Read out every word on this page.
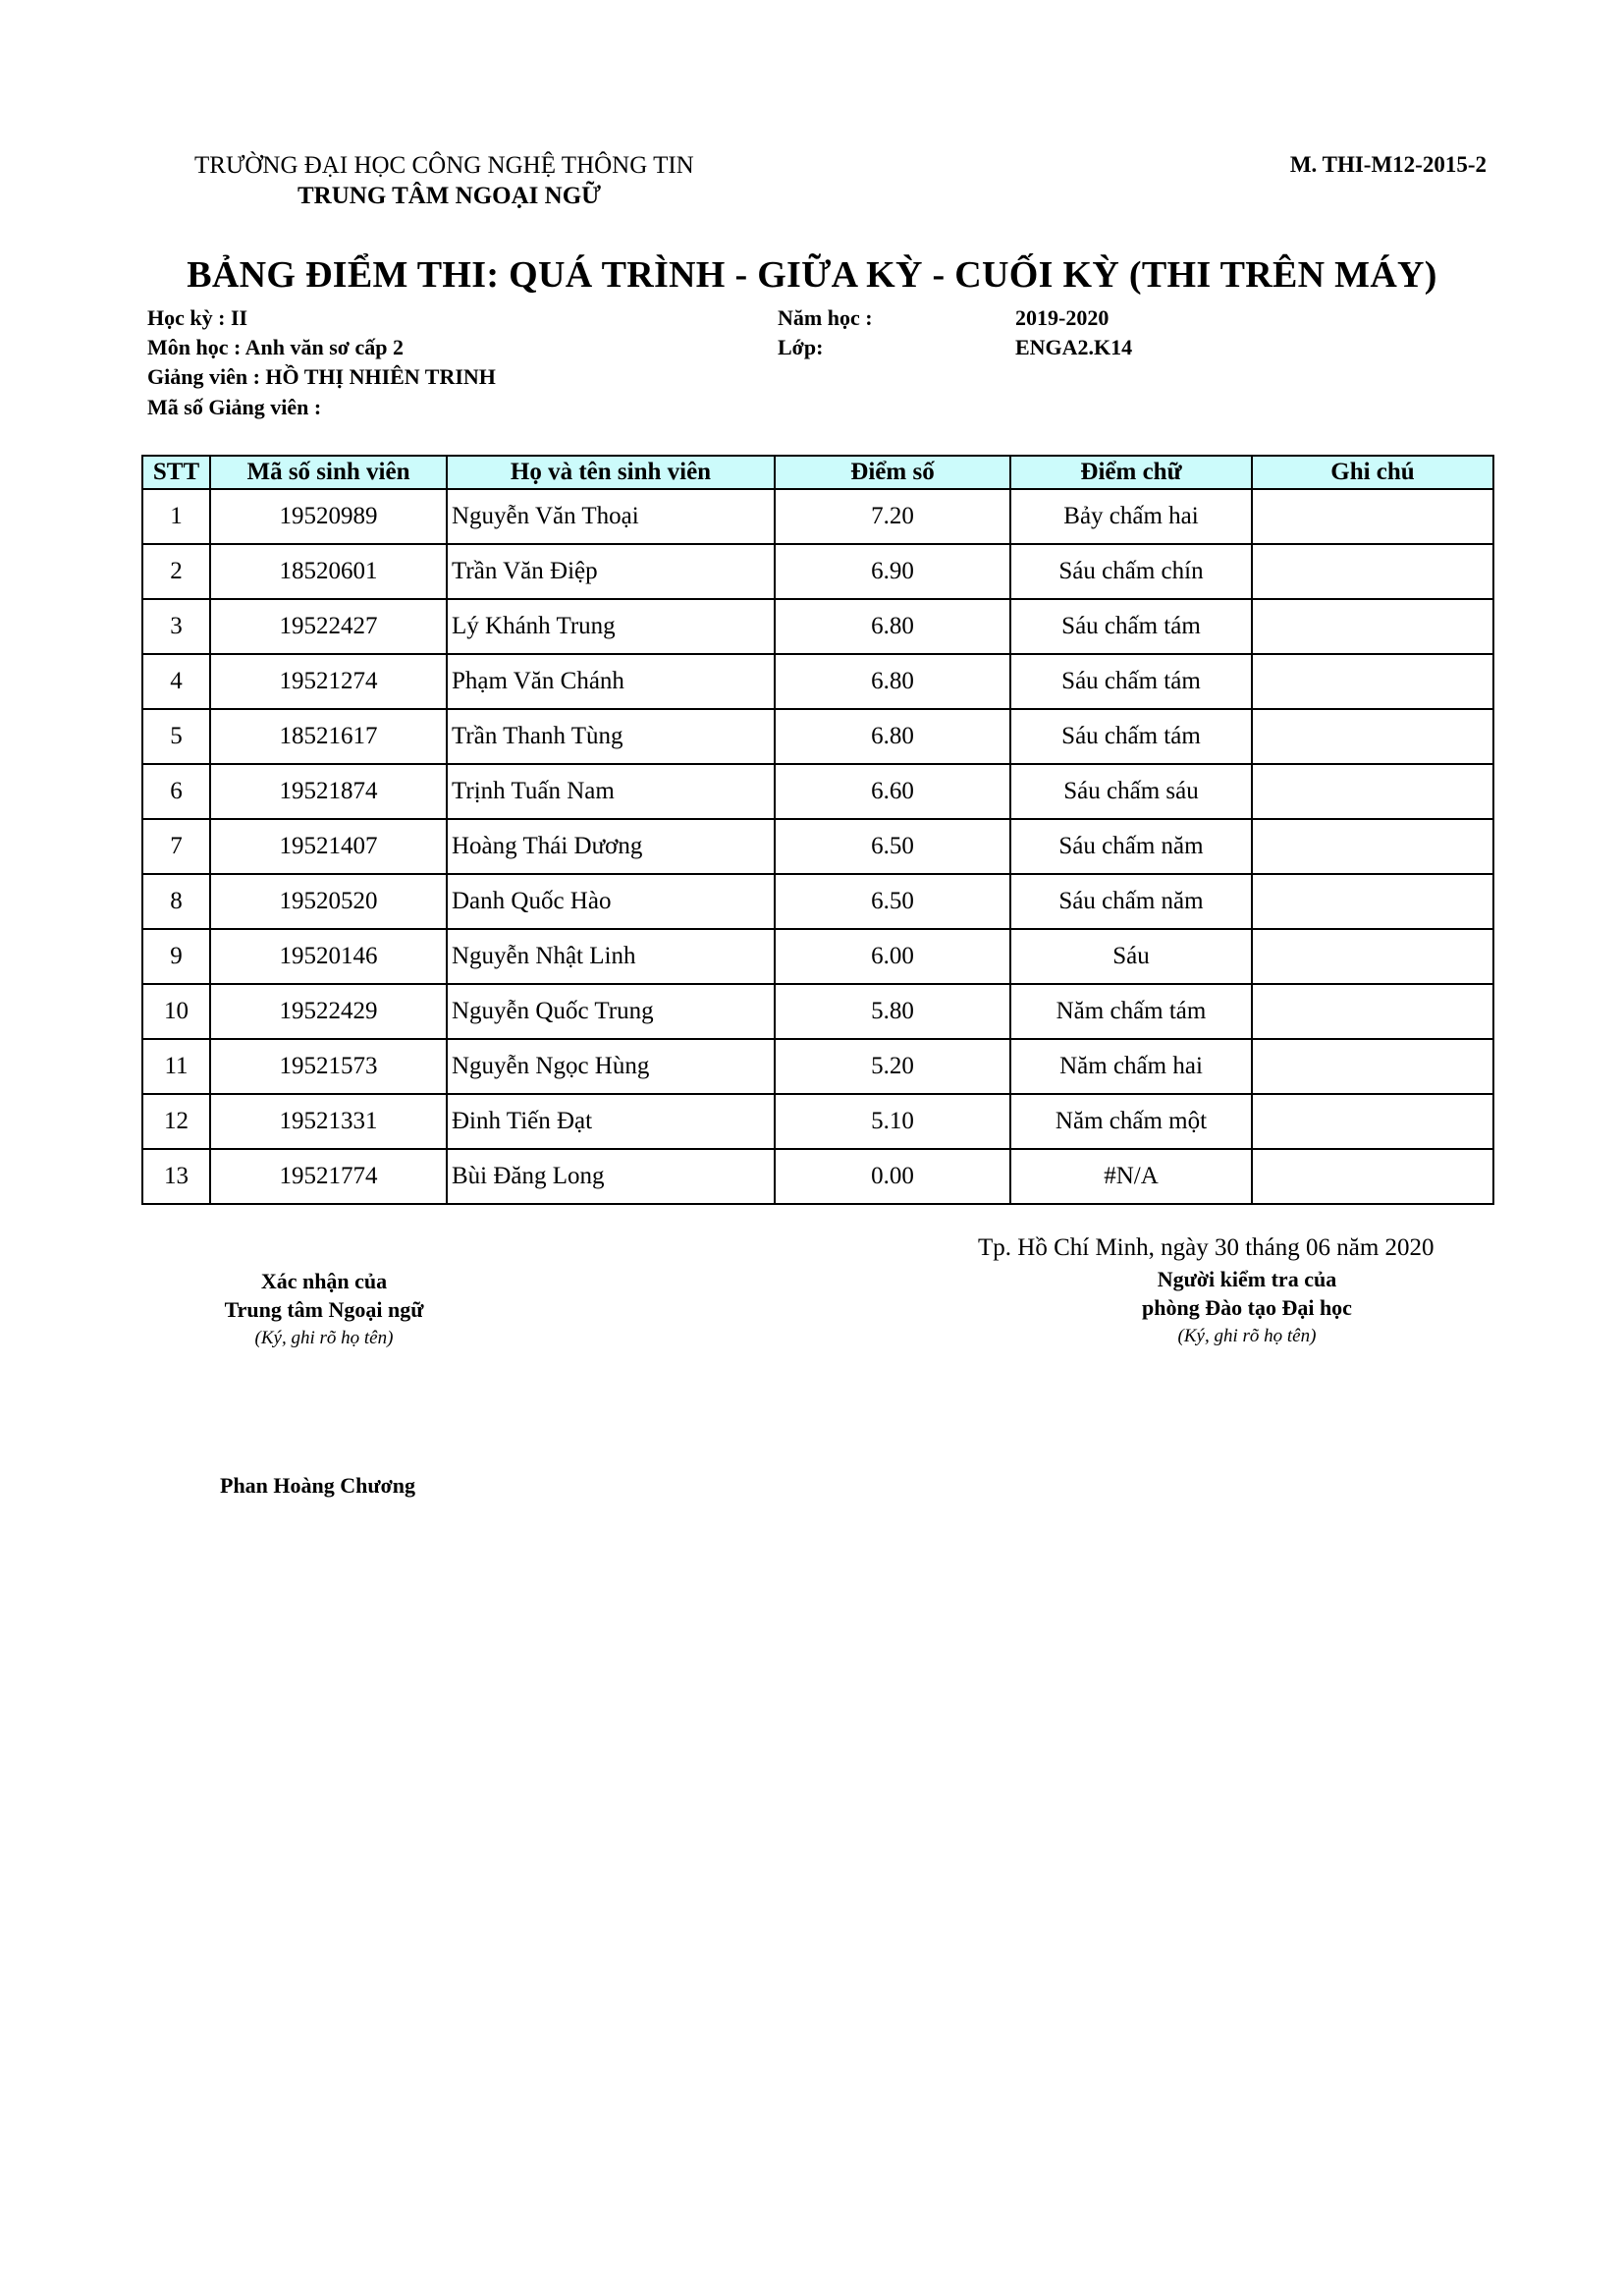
TRƯỜNG ĐẠI HỌC CÔNG NGHỆ THÔNG TIN
TRUNG TÂM NGOẠI NGỮ
M. THI-M12-2015-2
BẢNG ĐIỂM THI: QUÁ TRÌNH - GIỮA KỲ - CUỐI KỲ (THI TRÊN MÁY)
Học kỳ : II
Môn học : Anh văn sơ cấp 2
Giảng viên : HỒ THỊ NHIÊN TRINH
Mã số Giảng viên :
Năm học :	2019-2020
Lớp:	ENGA2.K14
STT	Mã số sinh viên	Họ và tên sinh viên	Điểm số	Điểm chữ	Ghi chú
1	19520989	Nguyễn Văn Thoại	7.20	Bảy chấm hai	
2	18520601	Trần Văn Điệp	6.90	Sáu chấm chín	
3	19522427	Lý Khánh Trung	6.80	Sáu chấm tám	
4	19521274	Phạm Văn Chánh	6.80	Sáu chấm tám	
5	18521617	Trần Thanh Tùng	6.80	Sáu chấm tám	
6	19521874	Trịnh Tuấn Nam	6.60	Sáu chấm sáu	
7	19521407	Hoàng Thái Dương	6.50	Sáu chấm năm	
8	19520520	Danh Quốc Hào	6.50	Sáu chấm năm	
9	19520146	Nguyễn Nhật Linh	6.00	Sáu	
10	19522429	Nguyễn Quốc Trung	5.80	Năm chấm tám	
11	19521573	Nguyễn Ngọc Hùng	5.20	Năm chấm hai	
12	19521331	Đinh Tiến Đạt	5.10	Năm chấm một	
13	19521774	Bùi Đăng Long	0.00	#N/A	
Tp. Hồ Chí Minh, ngày 30 tháng 06 năm 2020
Xác nhận của
Trung tâm Ngoại ngữ
(Ký, ghi rõ họ tên)
Người kiểm tra của
phòng Đào tạo Đại học
(Ký, ghi rõ họ tên)
Phan Hoàng Chương
